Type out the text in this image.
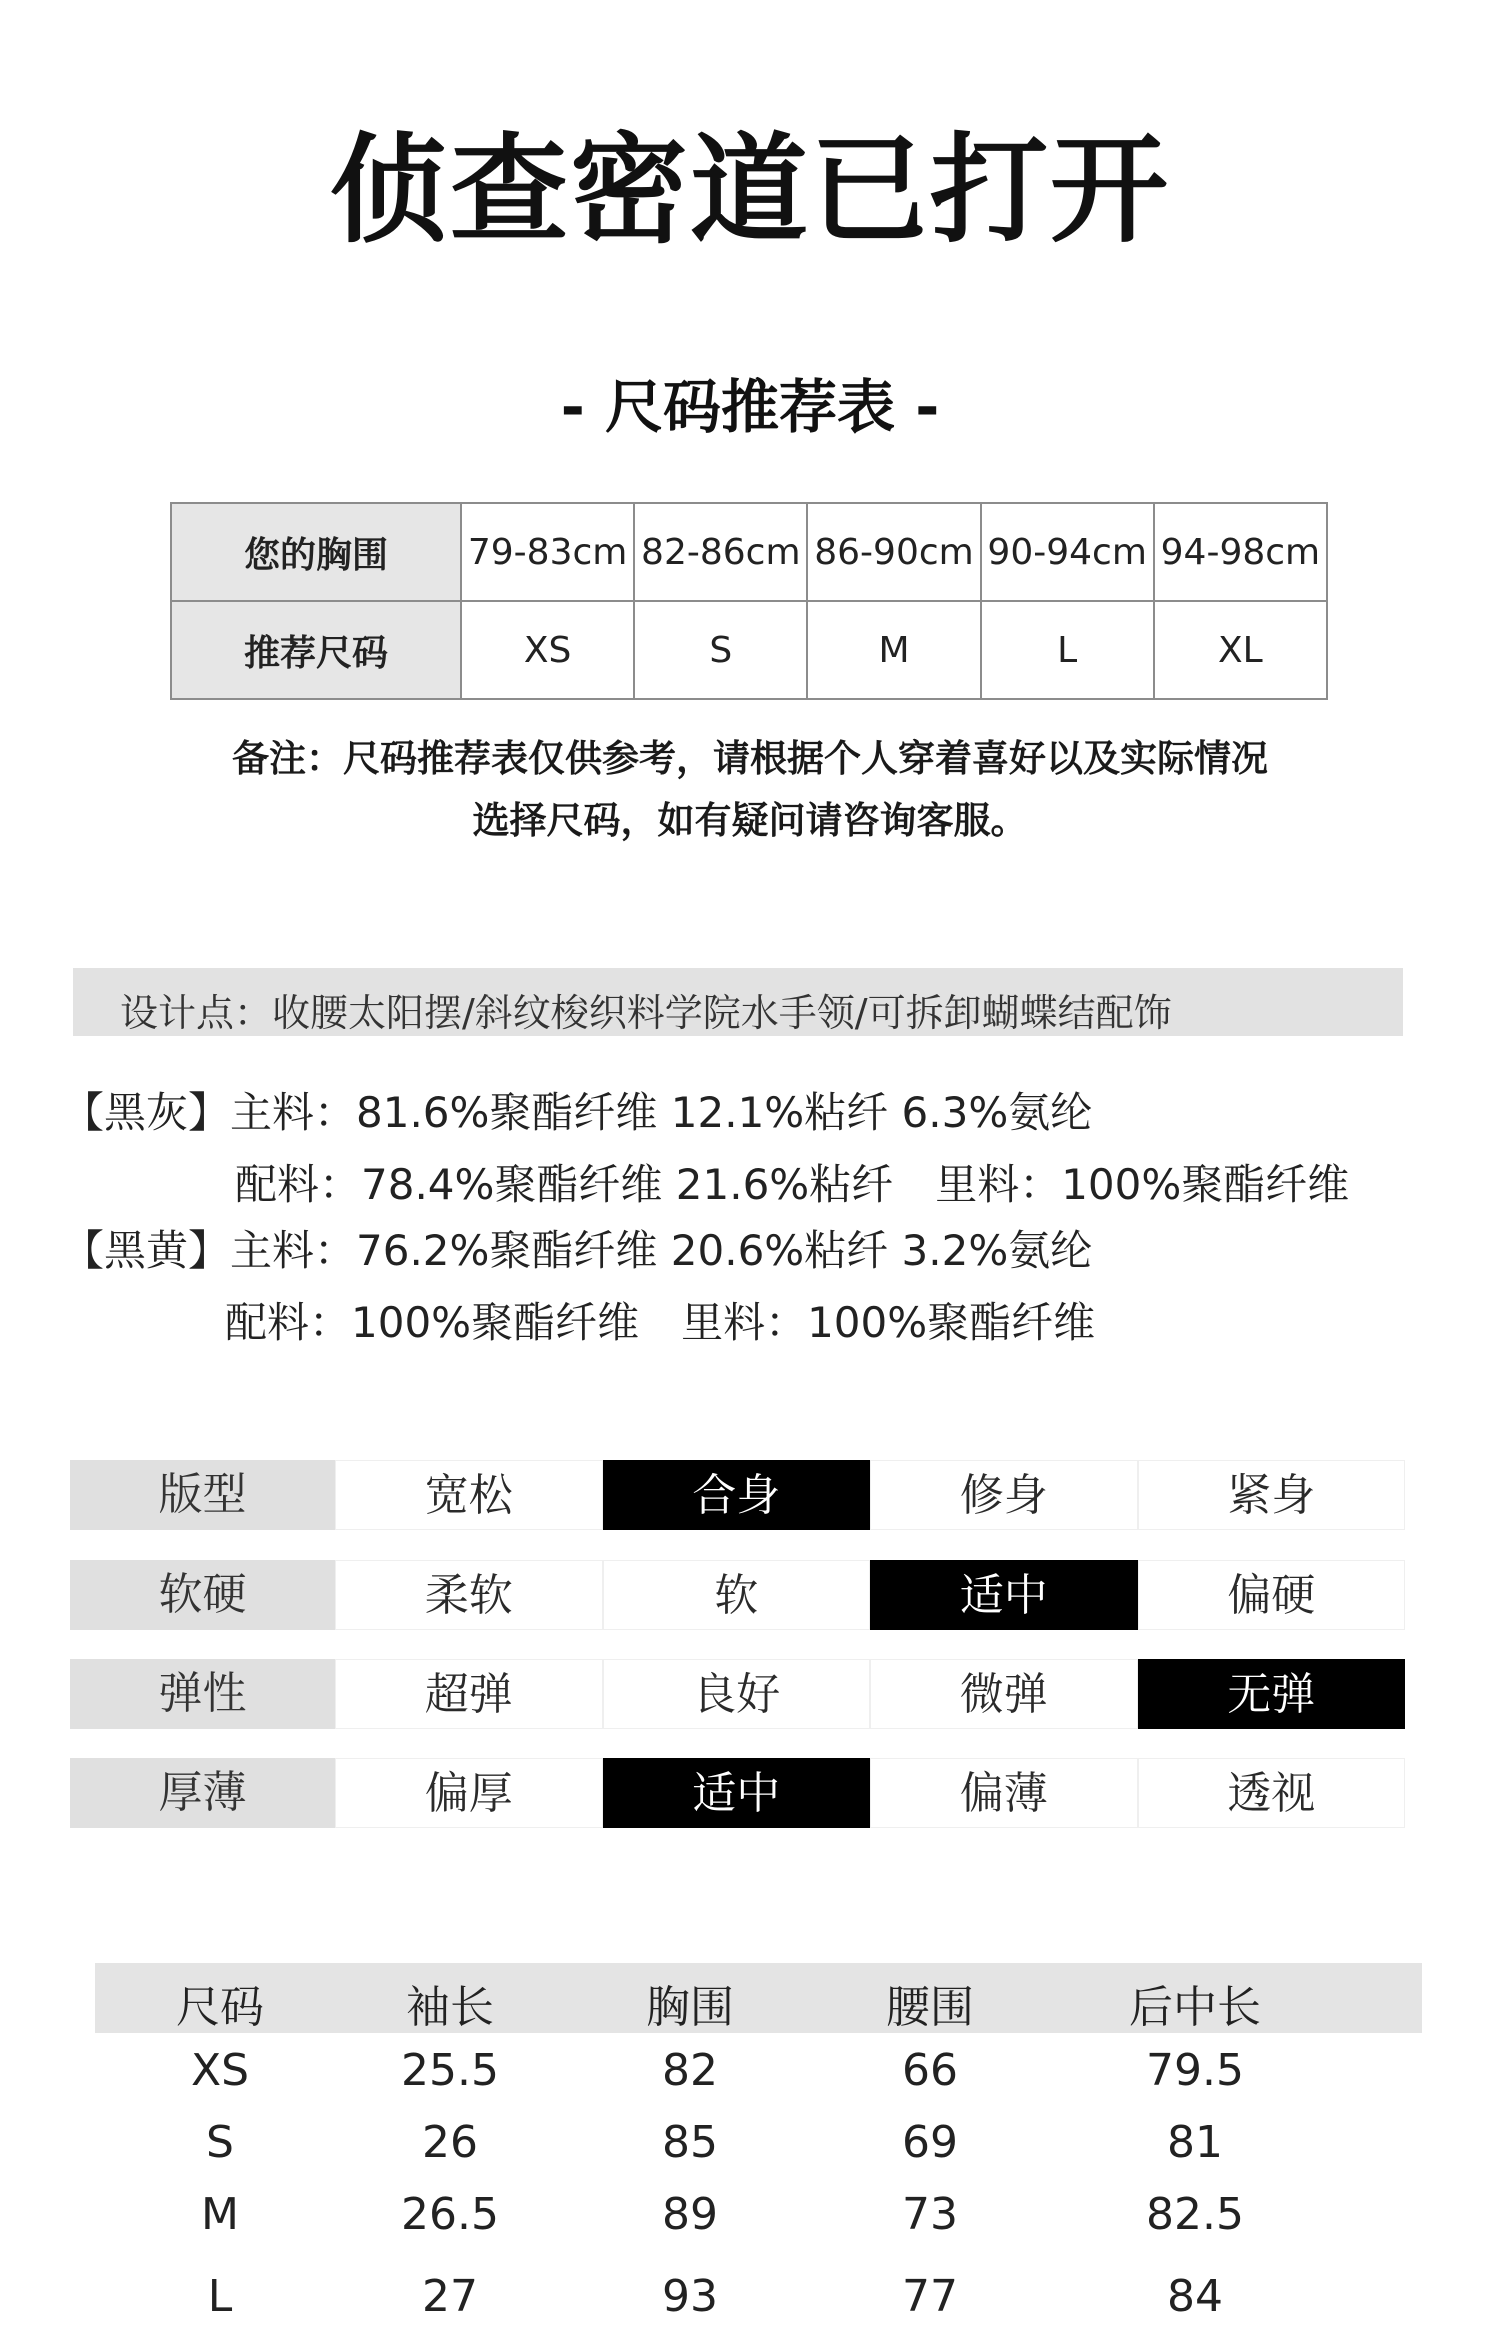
侦查密道已打开
- 尺码推荐表 -
您的胸围	79-83cm	82-86cm	86-90cm	90-94cm	94-98cm
推荐尺码	XS	S	M	L	XL
备注：尺码推荐表仅供参考，请根据个人穿着喜好以及实际情况
选择尺码，如有疑问请咨询客服。
设计点：收腰太阳摆/斜纹梭织料学院水手领/可拆卸蝴蝶结配饰
【黑灰】主料：81.6%聚酯纤维 12.1%粘纤 6.3%氨纶
配料：78.4%聚酯纤维 21.6%粘纤　里料：100%聚酯纤维
【黑黄】主料：76.2%聚酯纤维 20.6%粘纤 3.2%氨纶
配料：100%聚酯纤维　里料：100%聚酯纤维
版型	宽松	合身	修身	紧身
软硬	柔软	软	适中	偏硬
弹性	超弹	良好	微弹	无弹
厚薄	偏厚	适中	偏薄	透视
尺码	袖长	胸围	腰围	后中长
XS	25.5	82	66	79.5
S	26	85	69	81
M	26.5	89	73	82.5
L	27	93	77	84
